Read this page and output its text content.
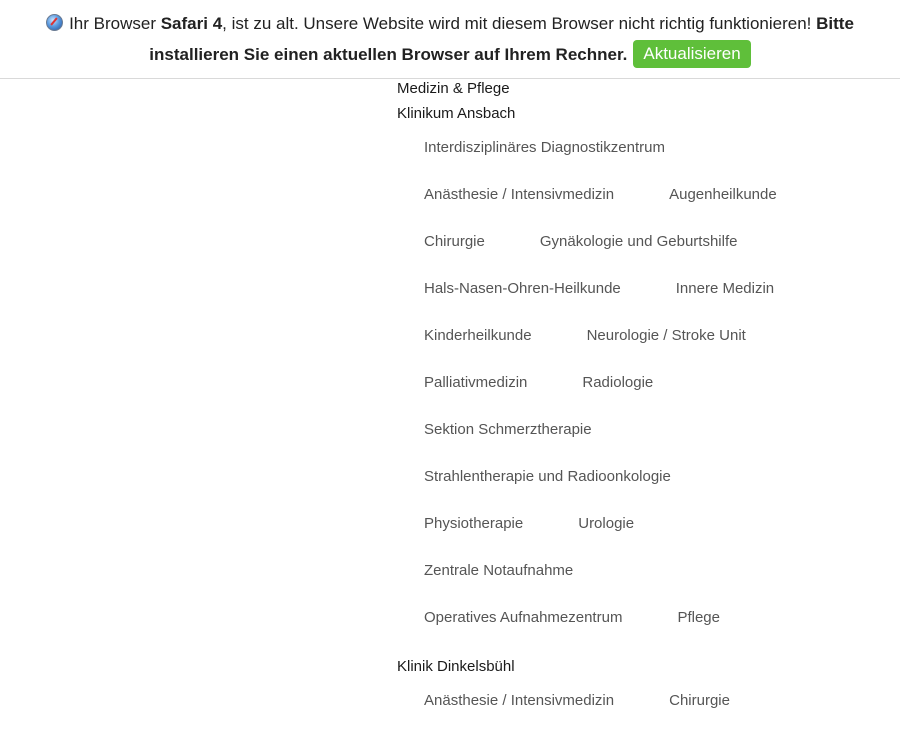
Ihr Browser Safari 4, ist zu alt. Unsere Website wird mit diesem Browser nicht richtig funktionieren! Bitte installieren Sie einen aktuellen Browser auf Ihrem Rechner. Aktualisieren
Medizin & Pflege
Klinikum Ansbach
Interdisziplinäres Diagnostikzentrum
Anästhesie / Intensivmedizin	Augenheilkunde
Chirurgie	Gynäkologie und Geburtshilfe
Hals-Nasen-Ohren-Heilkunde	Innere Medizin
Kinderheilkunde	Neurologie / Stroke Unit
Palliativmedizin	Radiologie
Sektion Schmerztherapie
Strahlentherapie und Radioonkologie
Physiotherapie	Urologie
Zentrale Notaufnahme
Operatives Aufnahmezentrum	Pflege
Klinik Dinkelsbühl
Anästhesie / Intensivmedizin	Chirurgie
